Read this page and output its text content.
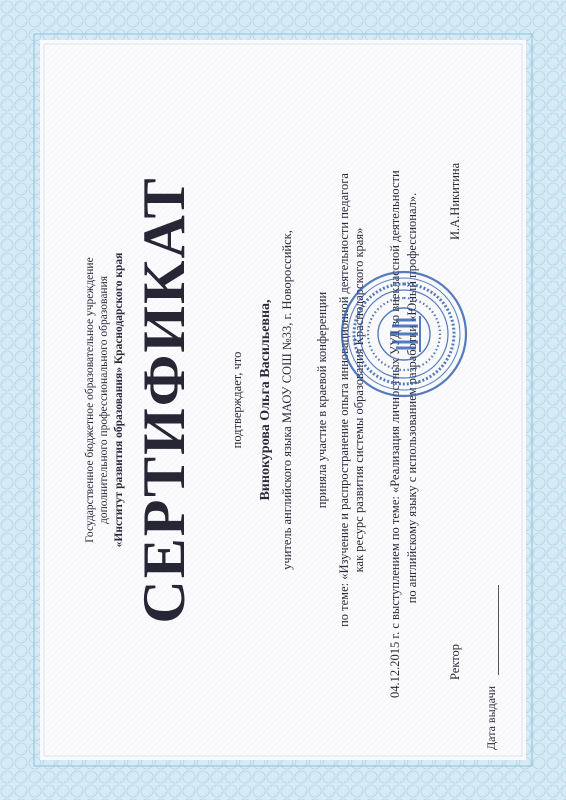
Государственное бюджетное образовательное учреждение дополнительного профессионального образования «Институт развития образования» Краснодарского края СЕРТИФИКАТ	подтверждает, что Винокурова Ольга Васильевна, учитель английского языка МАОУ СОШ №33, г. Новороссийск, приняла участие в краевой конференции по теме: «Изучение и распространение опыта инновационной деятельности педагога как ресурс развития системы образования Краснодарского края» 04.12.2015 г. с выступлением по теме: «Реализация личностных УУД во внеклассной деятельности по английскому языку с использованием разработки «Юный профессионал».
Ректор
И.А.Никитина
Дата выдачи
